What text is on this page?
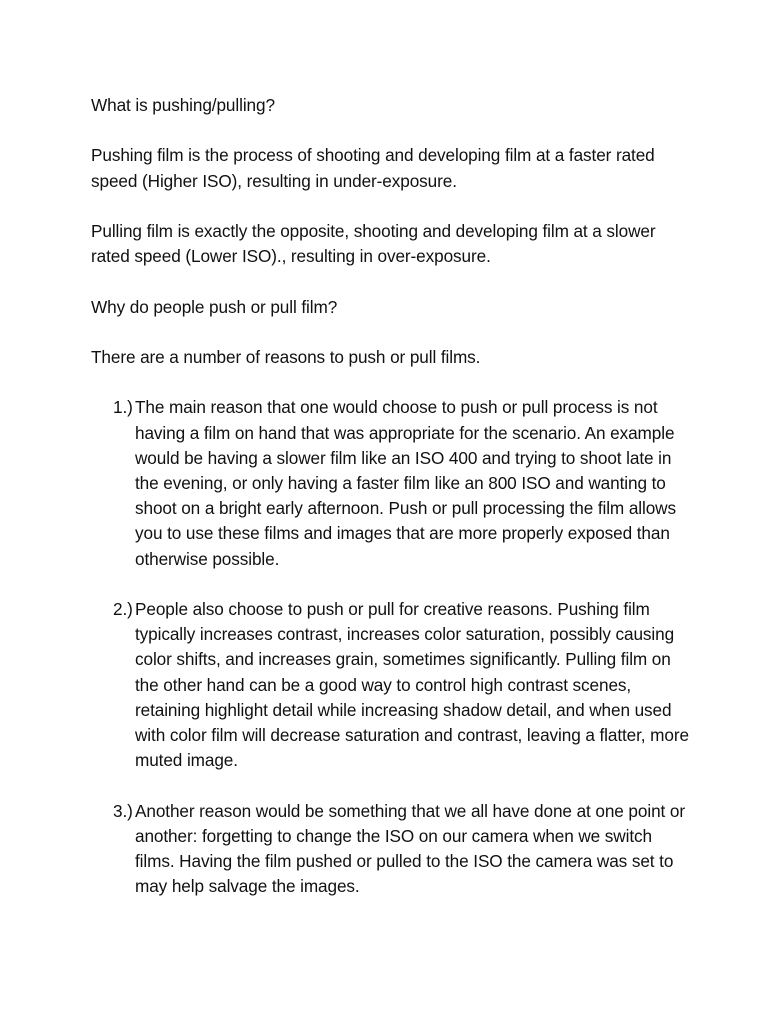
What is pushing/pulling?

Pushing film is the process of shooting and developing film at a faster rated speed (Higher ISO), resulting in under-exposure.

Pulling film is exactly the opposite, shooting and developing film at a slower rated speed (Lower ISO)., resulting in over-exposure.

Why do people push or pull film?

There are a number of reasons to push or pull films.

1.) The main reason that one would choose to push or pull process is not having a film on hand that was appropriate for the scenario. An example would be having a slower film like an ISO 400 and trying to shoot late in the evening, or only having a faster film like an 800 ISO and wanting to shoot on a bright early afternoon. Push or pull processing the film allows you to use these films and images that are more properly exposed than otherwise possible.
2.) People also choose to push or pull for creative reasons. Pushing film typically increases contrast, increases color saturation, possibly causing color shifts, and increases grain, sometimes significantly. Pulling film on the other hand can be a good way to control high contrast scenes, retaining highlight detail while increasing shadow detail, and when used with color film will decrease saturation and contrast, leaving a flatter, more muted image.
3.) Another reason would be something that we all have done at one point or another: forgetting to change the ISO on our camera when we switch films. Having the film pushed or pulled to the ISO the camera was set to may help salvage the images.
